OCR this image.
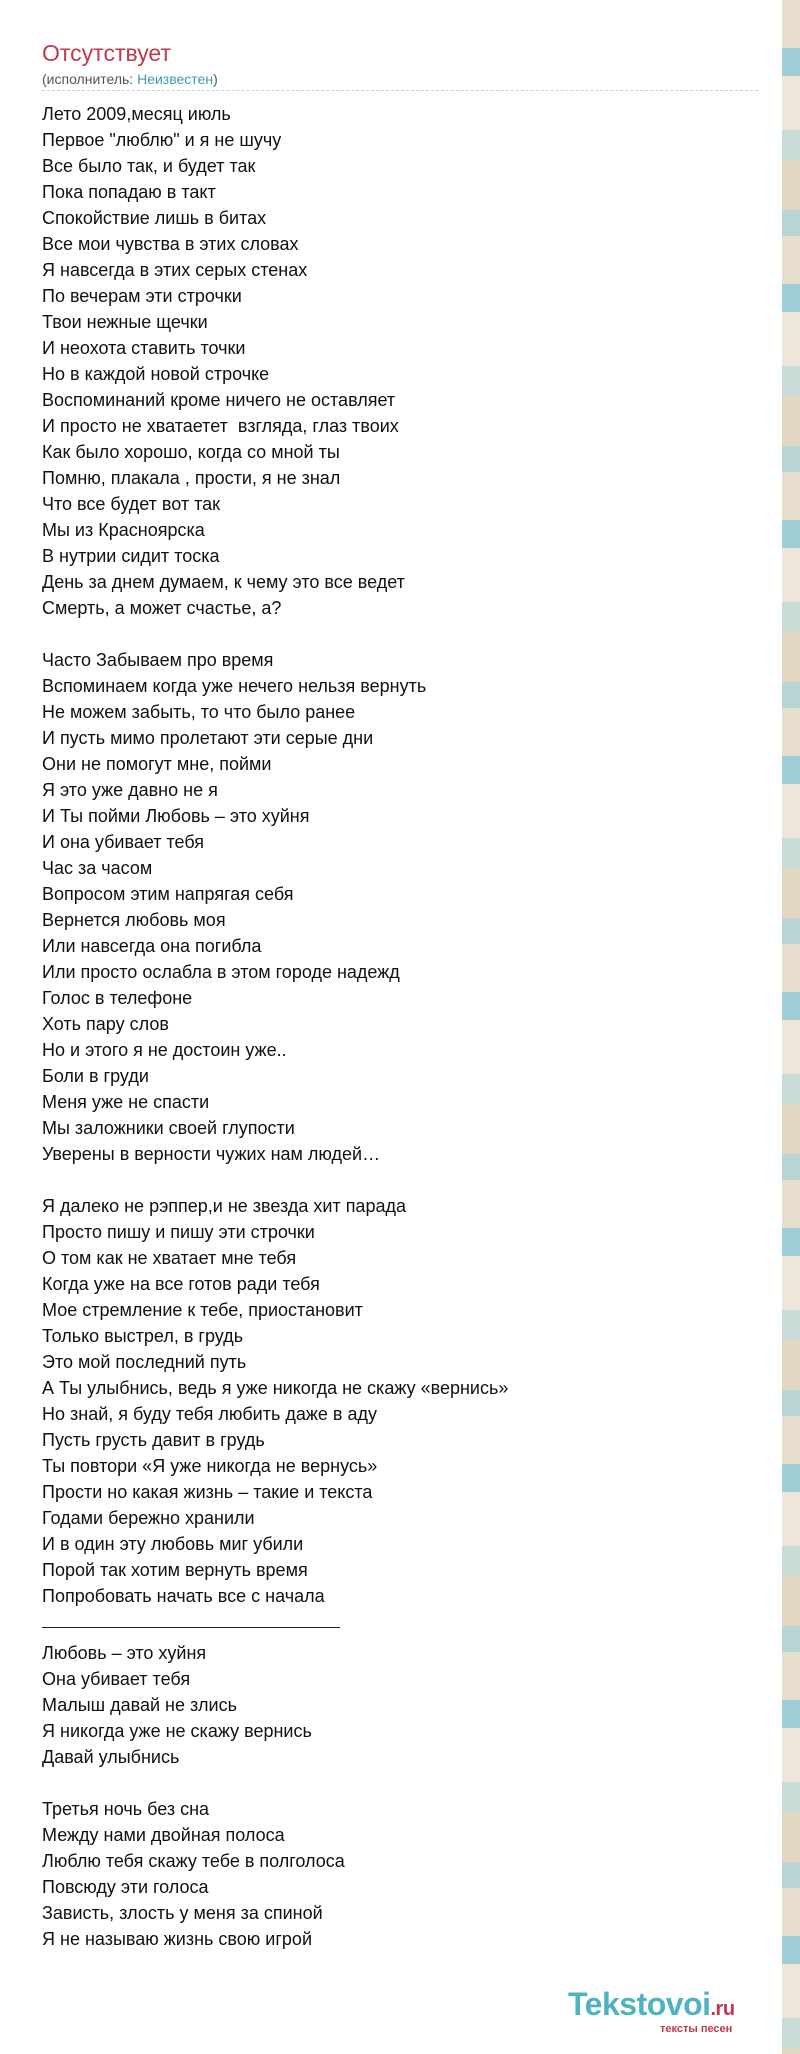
Отсутствует
(исполнитель: Неизвестен)
Лето 2009,месяц июль
Первое "люблю" и я не шучу
Все было так, и будет так
Пока попадаю в такт
Спокойствие лишь в битах
Все мои чувства в этих словах
Я навсегда в этих серых стенах
По вечерам эти строчки
Твои нежные щечки
И неохота ставить точки
Но в каждой новой строчке
Воспоминаний кроме ничего не оставляет
И просто не хватаетет  взгляда, глаз твоих
Как было хорошо, когда со мной ты
Помню, плакала , прости, я не знал
Что все будет вот так
Мы из Красноярска
В нутрии сидит тоска
День за днем думаем, к чему это все ведет
Смерть, а может счастье, а?
Часто Забываем про время
Вспоминаем когда уже нечего нельзя вернуть
Не можем забыть, то что было ранее
И пусть мимо пролетают эти серые дни
Они не помогут мне, пойми
Я это уже давно не я
И Ты пойми Любовь – это хуйня
И она убивает тебя
Час за часом
Вопросом этим напрягая себя
Вернется любовь моя
Или навсегда она погибла
Или просто ослабла в этом городе надежд
Голос в телефоне
Хоть пару слов
Но и этого я не достоин уже..
Боли в груди
Меня уже не спасти
Мы заложники своей глупости
Уверены в верности чужих нам людей…
Я далеко не рэппер,и не звезда хит парада
Просто пишу и пишу эти строчки
О том как не хватает мне тебя
Когда уже на все готов ради тебя
Мое стремление к тебе, приостановит
Только выстрел, в грудь
Это мой последний путь
А Ты улыбнись, ведь я уже никогда не скажу «вернись»
Но знай, я буду тебя любить даже в аду
Пусть грусть давит в грудь
Ты повтори «Я уже никогда не вернусь»
Прости но какая жизнь – такие и текста
Годами бережно хранили
И в один эту любовь миг убили
Порой так хотим вернуть время
Попробовать начать все с начала
Любовь – это хуйня
Она убивает тебя
Малыш давай не злись
Я никогда уже не скажу вернись
Давай улыбнись
Третья ночь без сна
Между нами двойная полоса
Люблю тебя скажу тебе в полголоса
Повсюду эти голоса
Зависть, злость у меня за спиной
Я не называю жизнь свою игрой
Tekstovoi.ru
тексты песен
